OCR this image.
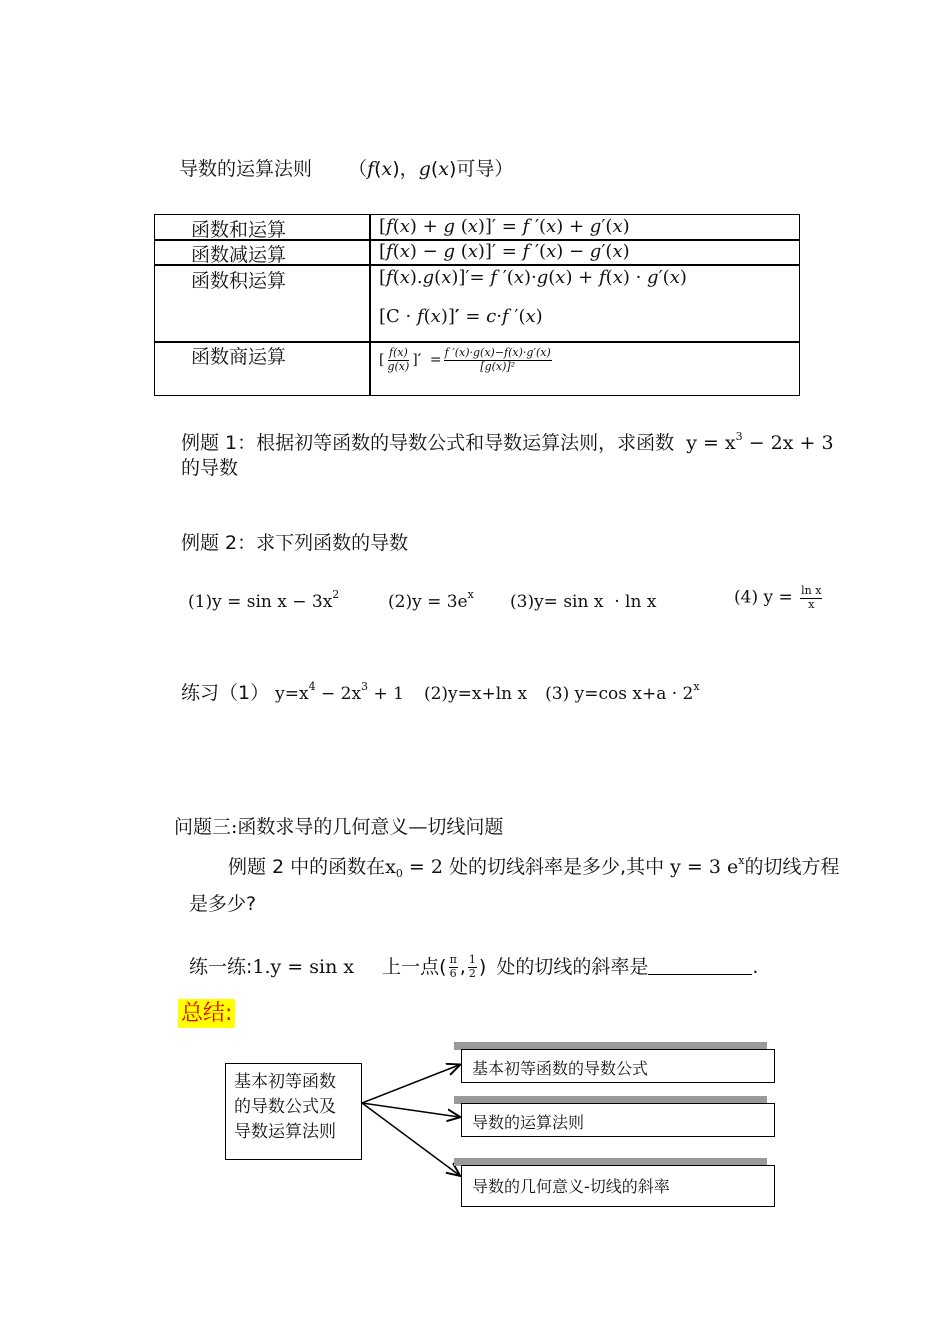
导数的运算法则 （f(x)，g(x)可导）
函数和运算	[f(x) + g (x)]′ = f ′(x) + g′(x)
函数减运算	[f(x) − g (x)]′ = f ′(x) − g′(x)
函数积运算	[f(x).g(x)]′= f ′(x)·g(x) + f(x) · g′(x)
[C · f(x)]′ = c·f ′(x)
函数商运算	[ $\frac{f(x)}{g(x)}$ ]′ = $\frac{f '(x)\cdot g(x)-f(x)\cdot g'(x)}{\text{[g(x)]²}}$
例题 1：根据初等函数的导数公式和导数运算法则，求函数 $y = x^3 - 2x + 3$
的导数
例题 2：求下列函数的导数
$(1)y = \sin x - 3x^2$	$(2)y = 3e^x$ (3)y= sin x  · ln x	(4) $y = \frac{\text{ln x}}{x}$
练习（1） $y=x^4 - 2x^3 + 1$ (2)y=x+ln x (3) y=cos $x+a \cdot 2^x$
问题三:函数求导的几何意义—切线问题
例题 2 中的函数在$x_0 = 2$ 处的切线斜率是多少,其中 y = 3 $e^x$的切线方程
是多少?
练一练:1.y = sin x 上一点( $\frac{\pi}{6}$ , $\frac{1}{2}$ ) 处的切线的斜率是	.
总结:
基本初等函数
的导数公式及
导数运算法则
基本初等函数的导数公式
导数的运算法则
导数的几何意义-切线的斜率
